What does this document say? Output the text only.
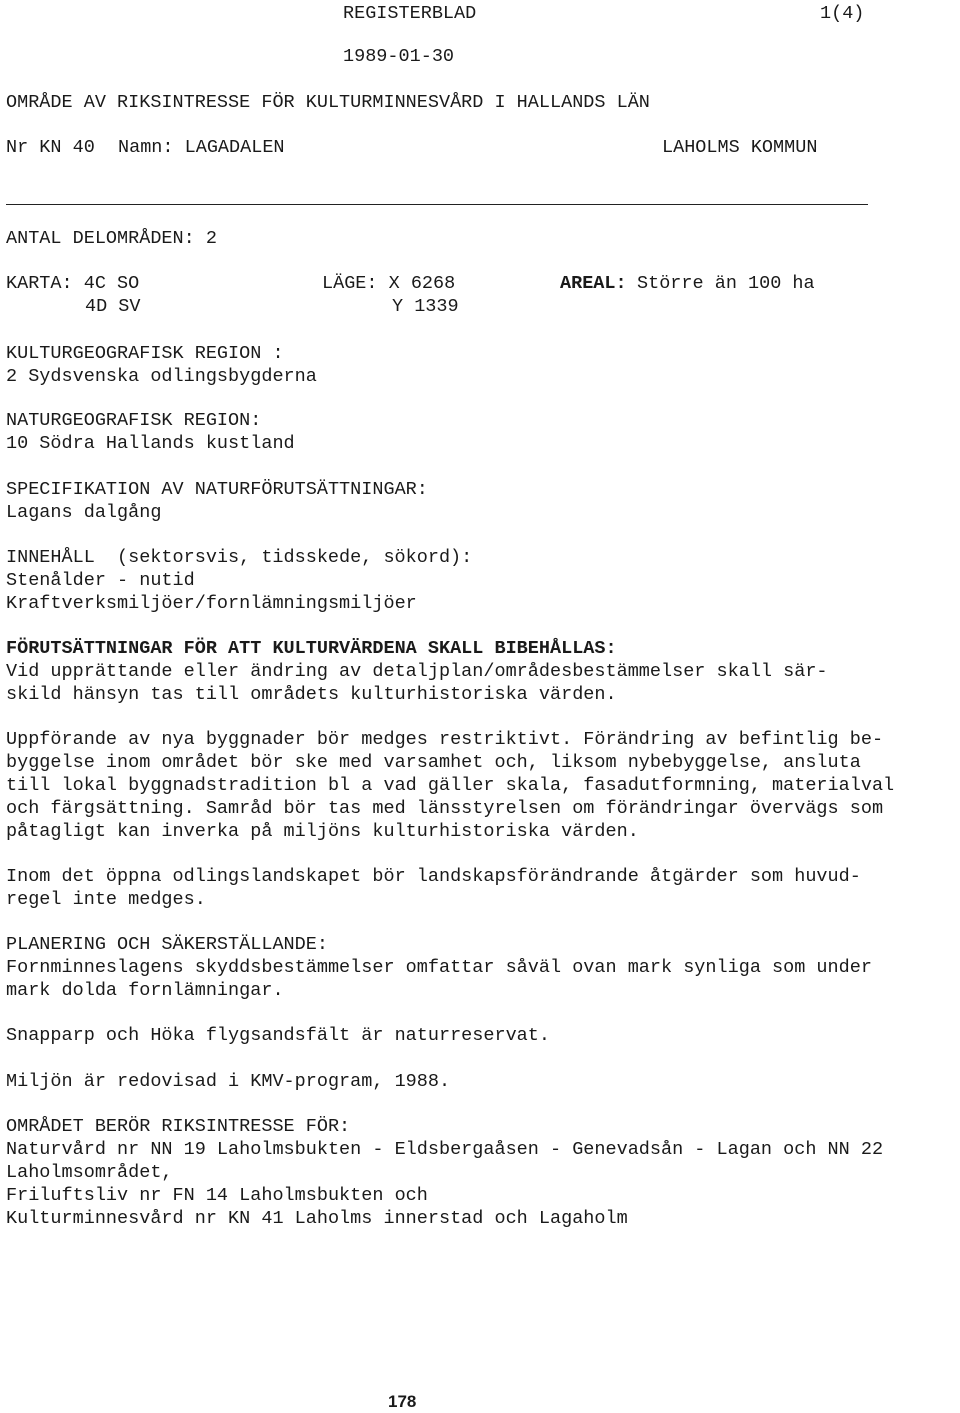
REGISTERBLAD	1(4)
1989-01-30
OMRÅDE AV RIKSINTRESSE FÖR KULTURMINNESVÅRD I HALLANDS LÄN
Nr KN 40 Namn: LAGADALEN	LAHOLMS KOMMUN
ANTAL DELOMRÅDEN: 2
KARTA: 4C SO
4D SV
LÄGE: X 6268
Y 1339
AREAL: Större än 100 ha
KULTURGEOGRAFISK REGION :
2 Sydsvenska odlingsbygderna
NATURGEOGRAFISK REGION:
10 Södra Hallands kustland
SPECIFIKATION AV NATURFÖRUTSÄTTNINGAR:
Lagans dalgång
INNEHÅLL (sektorsvis, tidsskede, sökord):
Stenålder - nutid
Kraftverksmiljöer/fornlämningsmiljöer
FÖRUTSÄTTNINGAR FÖR ATT KULTURVÄRDENA SKALL BIBEHÅLLAS:
Vid upprättande eller ändring av detaljplan/områdesbestämmelser skall sär-
skild hänsyn tas till områdets kulturhistoriska värden.
Uppförande av nya byggnader bör medges restriktivt. Förändring av befintlig be-
byggelse inom området bör ske med varsamhet och, liksom nybebyggelse, ansluta
till lokal byggnadstradition bl a vad gäller skala, fasadutformning, materialval
och färgsättning. Samråd bör tas med länsstyrelsen om förändringar övervägs som
påtagligt kan inverka på miljöns kulturhistoriska värden.
Inom det öppna odlingslandskapet bör landskapsförändrande åtgärder som huvud-
regel inte medges.
PLANERING OCH SÄKERSTÄLLANDE:
Fornminneslagens skyddsbestämmelser omfattar såväl ovan mark synliga som under
mark dolda fornlämningar.
Snapparp och Höka flygsandsfält är naturreservat.
Miljön är redovisad i KMV-program, 1988.
OMRÅDET BERÖR RIKSINTRESSE FÖR:
Naturvård nr NN 19 Laholmsbukten - Eldsbergaåsen - Genevadsån - Lagan och NN 22
Laholmsområdet,
Friluftsliv nr FN 14 Laholmsbukten och
Kulturminnesvård nr KN 41 Laholms innerstad och Lagaholm
178
